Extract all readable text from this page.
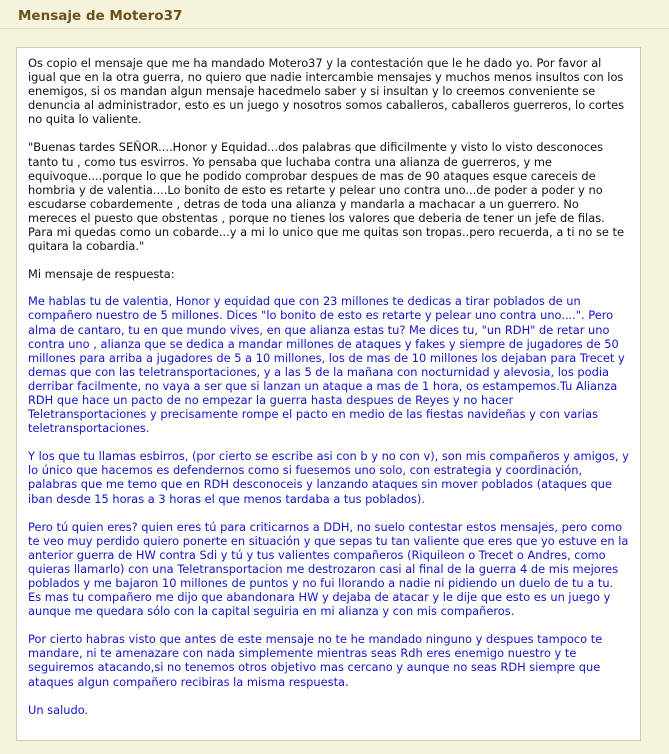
Mensaje de Motero37

Os copio el mensaje que me ha mandado Motero37 y la contestación que le he dado yo. Por favor al igual que en la otra guerra, no quiero que nadie intercambie mensajes y muchos menos insultos con los enemigos, si os mandan algun mensaje hacedmelo saber y si insultan y lo creemos conveniente se denuncia al administrador, esto es un juego y nosotros somos caballeros, caballeros guerreros, lo cortes no quita lo valiente.

"Buenas tardes SEÑOR....Honor y Equidad...dos palabras que dificilmente y visto lo visto desconoces tanto tu , como tus esvirros. Yo pensaba que luchaba contra una alianza de guerreros, y me equivoque....porque lo que he podido comprobar despues de mas de 90 ataques esque careceis de hombria y de valentia....Lo bonito de esto es retarte y pelear uno contra uno...de poder a poder y no escudarse cobardemente , detras de toda una alianza y mandarla a machacar a un guerrero. No mereces el puesto que obstentas , porque no tienes los valores que deberia de tener un jefe de filas. Para mi quedas como un cobarde...y a mi lo unico que me quitas son tropas..pero recuerda, a ti no se te quitara la cobardia."

Mi mensaje de respuesta:

Me hablas tu de valentia, Honor y equidad que con 23 millones te dedicas a tirar poblados de un compañero nuestro de 5 millones. Dices "lo bonito de esto es retarte y pelear uno contra uno....". Pero alma de cantaro, tu en que mundo vives, en que alianza estas tu? Me dices tu, "un RDH" de retar uno contra uno , alianza que se dedica a mandar millones de ataques y fakes y siempre de jugadores de 50 millones para arriba a jugadores de 5 a 10 millones, los de mas de 10 millones los dejaban para Trecet y demas que con las teletransportaciones, y a las 5 de la mañana con nocturnidad y alevosia, los podia derribar facilmente, no vaya a ser que si lanzan un ataque a mas de 1 hora, os estampemos.Tu Alianza RDH que hace un pacto de no empezar la guerra hasta despues de Reyes y no hacer Teletransportaciones y precisamente rompe el pacto en medio de las fiestas navideñas y con varias teletransportaciones.

Y los que tu llamas esbirros, (por cierto se escribe asi con b y no con v), son mis compañeros y amigos, y lo único que hacemos es defendernos como si fuesemos uno solo, con estrategia y coordinación, palabras que me temo que en RDH desconoceis y lanzando ataques sin mover poblados (ataques que iban desde 15 horas a 3 horas el que menos tardaba a tus poblados).

Pero tú quien eres? quien eres tú para criticarnos a DDH, no suelo contestar estos mensajes, pero como te veo muy perdido quiero ponerte en situación y que sepas tu tan valiente que eres que yo estuve en la anterior guerra de HW contra Sdi y tú y tus valientes compañeros (Riquileon o Trecet o Andres, como quieras llamarlo) con una Teletransportacion me destrozaron casi al final de la guerra 4 de mis mejores poblados y me bajaron 10 millones de puntos y no fui llorando a nadie ni pidiendo un duelo de tu a tu. Es mas tu compañero me dijo que abandonara HW y dejaba de atacar y le dije que esto es un juego y aunque me quedara sólo con la capital seguiria en mi alianza y con mis compañeros.

Por cierto habras visto que antes de este mensaje no te he mandado ninguno y despues tampoco te mandare, ni te amenazare con nada simplemente mientras seas Rdh eres enemigo nuestro y te seguiremos atacando,si no tenemos otros objetivo mas cercano y aunque no seas RDH siempre que ataques algun compañero recibiras la misma respuesta.

Un saludo.
